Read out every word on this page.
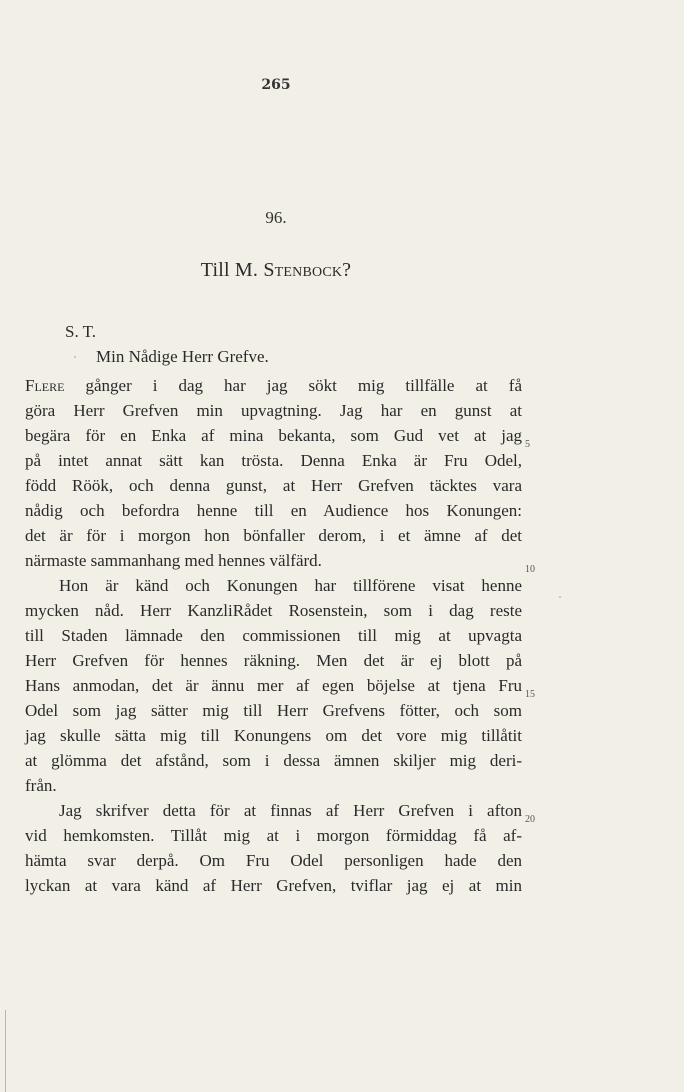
265
96.
Till M. Stenbock?
S. T.
Min Nådige Herr Grefve.
Flere gånger i dag har jag sökt mig tillfälle at få
göra Herr Grefven min upvagtning. Jag har en gunst at
begära för en Enka af mina bekanta, som Gud vet at jag
på intet annat sätt kan trösta. Denna Enka är Fru Odel,
född Röök, och denna gunst, at Herr Grefven täcktes vara
nådig och befordra henne till en Audience hos Konungen:
det är för i morgon hon bönfaller derom, i et ämne af det
närmaste sammanhang med hennes välfärd.
Hon är känd och Konungen har tillförene visat henne
mycken nåd. Herr KanzliRådet Rosenstein, som i dag reste
till Staden lämnade den commissionen till mig at upvagta
Herr Grefven för hennes räkning. Men det är ej blott på
Hans anmodan, det är ännu mer af egen böjelse at tjena Fru
Odel som jag sätter mig till Herr Grefvens fötter, och som
jag skulle sätta mig till Konungens om det vore mig tillåtit
at glömma det afstånd, som i dessa ämnen skiljer mig deri-
från.
Jag skrifver detta för at finnas af Herr Grefven i afton
vid hemkomsten. Tillåt mig at i morgon förmiddag få af-
hämta svar derpå. Om Fru Odel personligen hade den
lyckan at vara känd af Herr Grefven, tviflar jag ej at min
5
10
15
20
